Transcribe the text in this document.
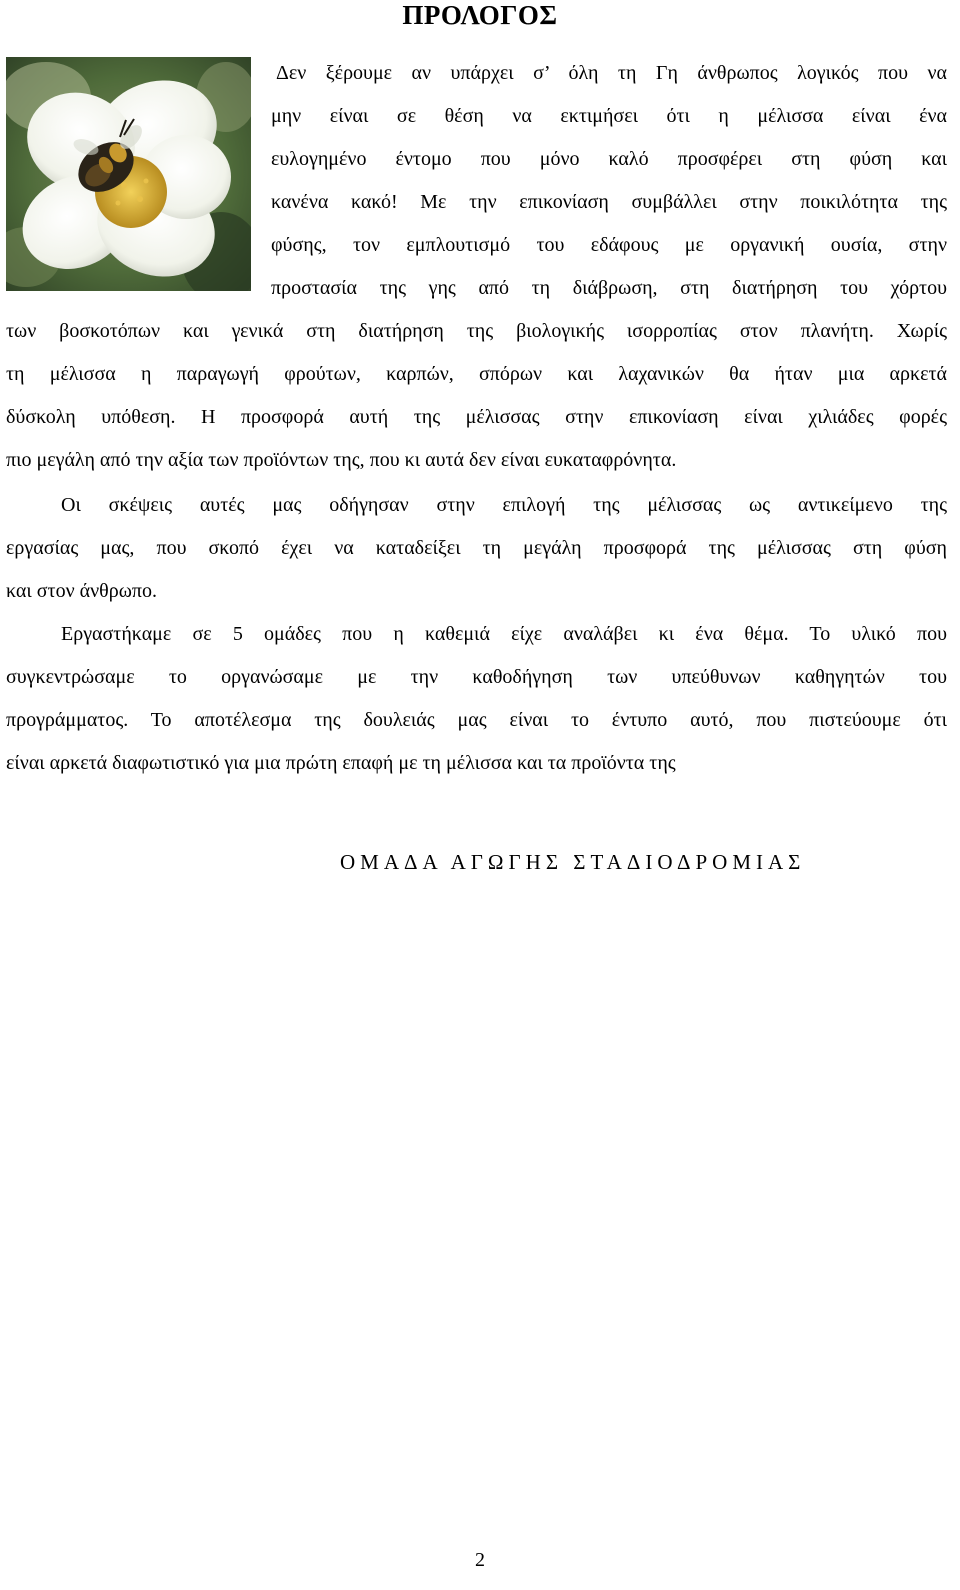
ΠΡΟΛΟΓΟΣ
Δεν ξέρουμε αν υπάρχει σ’ όλη τη Γη άνθρωπος λογικός που να
μην είναι σε θέση να εκτιμήσει ότι η μέλισσα είναι ένα
ευλογημένο έντομο που μόνο καλό προσφέρει στη φύση και
κανένα κακό! Με την επικονίαση συμβάλλει στην ποικιλότητα της
φύσης, τον εμπλουτισμό του εδάφους με οργανική ουσία, στην
προστασία της γης από τη διάβρωση, στη διατήρηση του χόρτου
των βοσκοτόπων και γενικά στη διατήρηση της βιολογικής ισορροπίας στον πλανήτη. Χωρίς
τη μέλισσα η παραγωγή φρούτων, καρπών, σπόρων και λαχανικών θα ήταν μια αρκετά
δύσκολη υπόθεση. Η προσφορά αυτή της μέλισσας στην επικονίαση είναι χιλιάδες φορές
πιο μεγάλη από την αξία των προϊόντων της, που κι αυτά δεν είναι ευκαταφρόνητα.
Οι σκέψεις αυτές μας οδήγησαν στην επιλογή της μέλισσας ως αντικείμενο της
εργασίας μας, που σκοπό έχει να καταδείξει τη μεγάλη προσφορά της μέλισσας στη φύση
και στον άνθρωπο.
Εργαστήκαμε σε 5 ομάδες που η καθεμιά είχε αναλάβει κι ένα θέμα. Το υλικό που
συγκεντρώσαμε το οργανώσαμε με την καθοδήγηση των υπεύθυνων καθηγητών του
προγράμματος. Το αποτέλεσμα της δουλειάς μας είναι το έντυπο αυτό, που πιστεύουμε ότι
είναι αρκετά διαφωτιστικό για μια πρώτη επαφή με τη μέλισσα και τα προϊόντα της
ΟΜΑΔΑ ΑΓΩΓΗΣ ΣΤΑΔΙΟΔΡΟΜΙΑΣ
2
